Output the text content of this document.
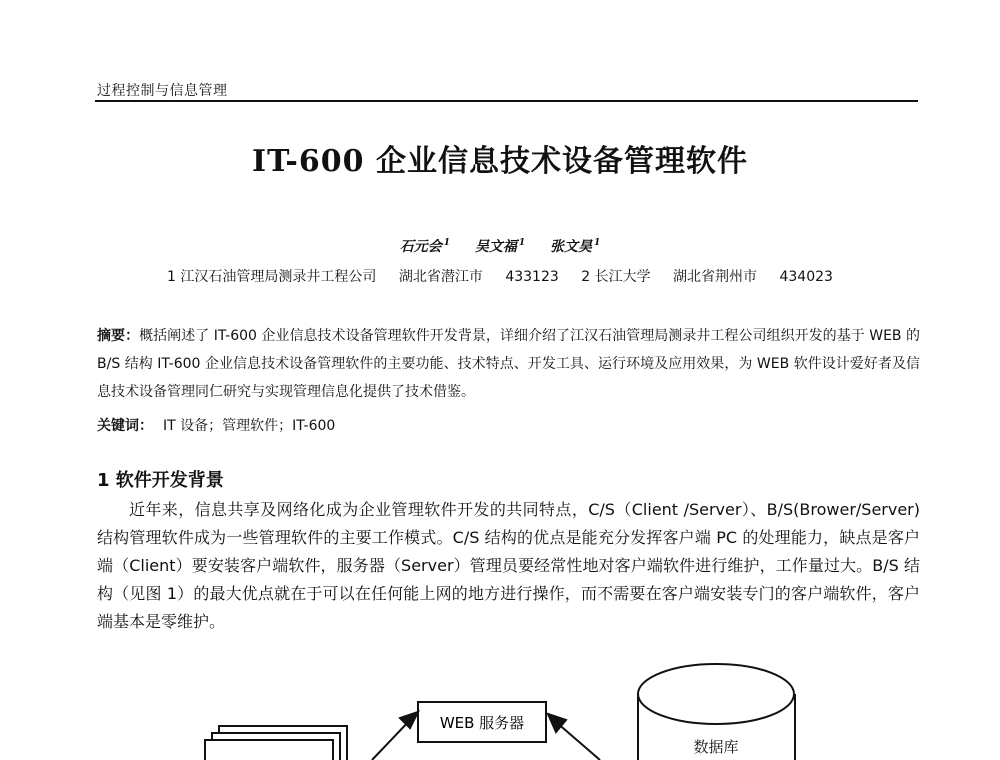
过程控制与信息管理
IT-600 企业信息技术设备管理软件
石元会 $^1$ 吴文福 $^1$ 张文昊 $^1$
1 江汉石油管理局测录井工程公司 湖北省潜江市 433123 2 长江大学 湖北省荆州市 434023
摘要：概括阐述了 IT-600 企业信息技术设备管理软件开发背景，详细介绍了江汉石油管理局测录井工程公司组织开发的基于 WEB 的 B/S 结构 IT-600 企业信息技术设备管理软件的主要功能、技术特点、开发工具、运行环境及应用效果，为 WEB 软件设计爱好者及信息技术设备管理同仁研究与实现管理信息化提供了技术借鉴。
关键词： IT 设备；管理软件；IT-600
1 软件开发背景
近年来，信息共享及网络化成为企业管理软件开发的共同特点，C/S（Client /Server）、B/S(Brower/Server)结构管理软件成为一些管理软件的主要工作模式。C/S 结构的优点是能充分发挥客户端 PC 的处理能力，缺点是客户端（Client）要安装客户端软件，服务器（Server）管理员要经常性地对客户端软件进行维护，工作量过大。B/S 结构（见图 1）的最大优点就在于可以在任何能上网的地方进行操作，而不需要在客户端安装专门的客户端软件，客户端基本是零维护。
WEB 服务器
数据库
